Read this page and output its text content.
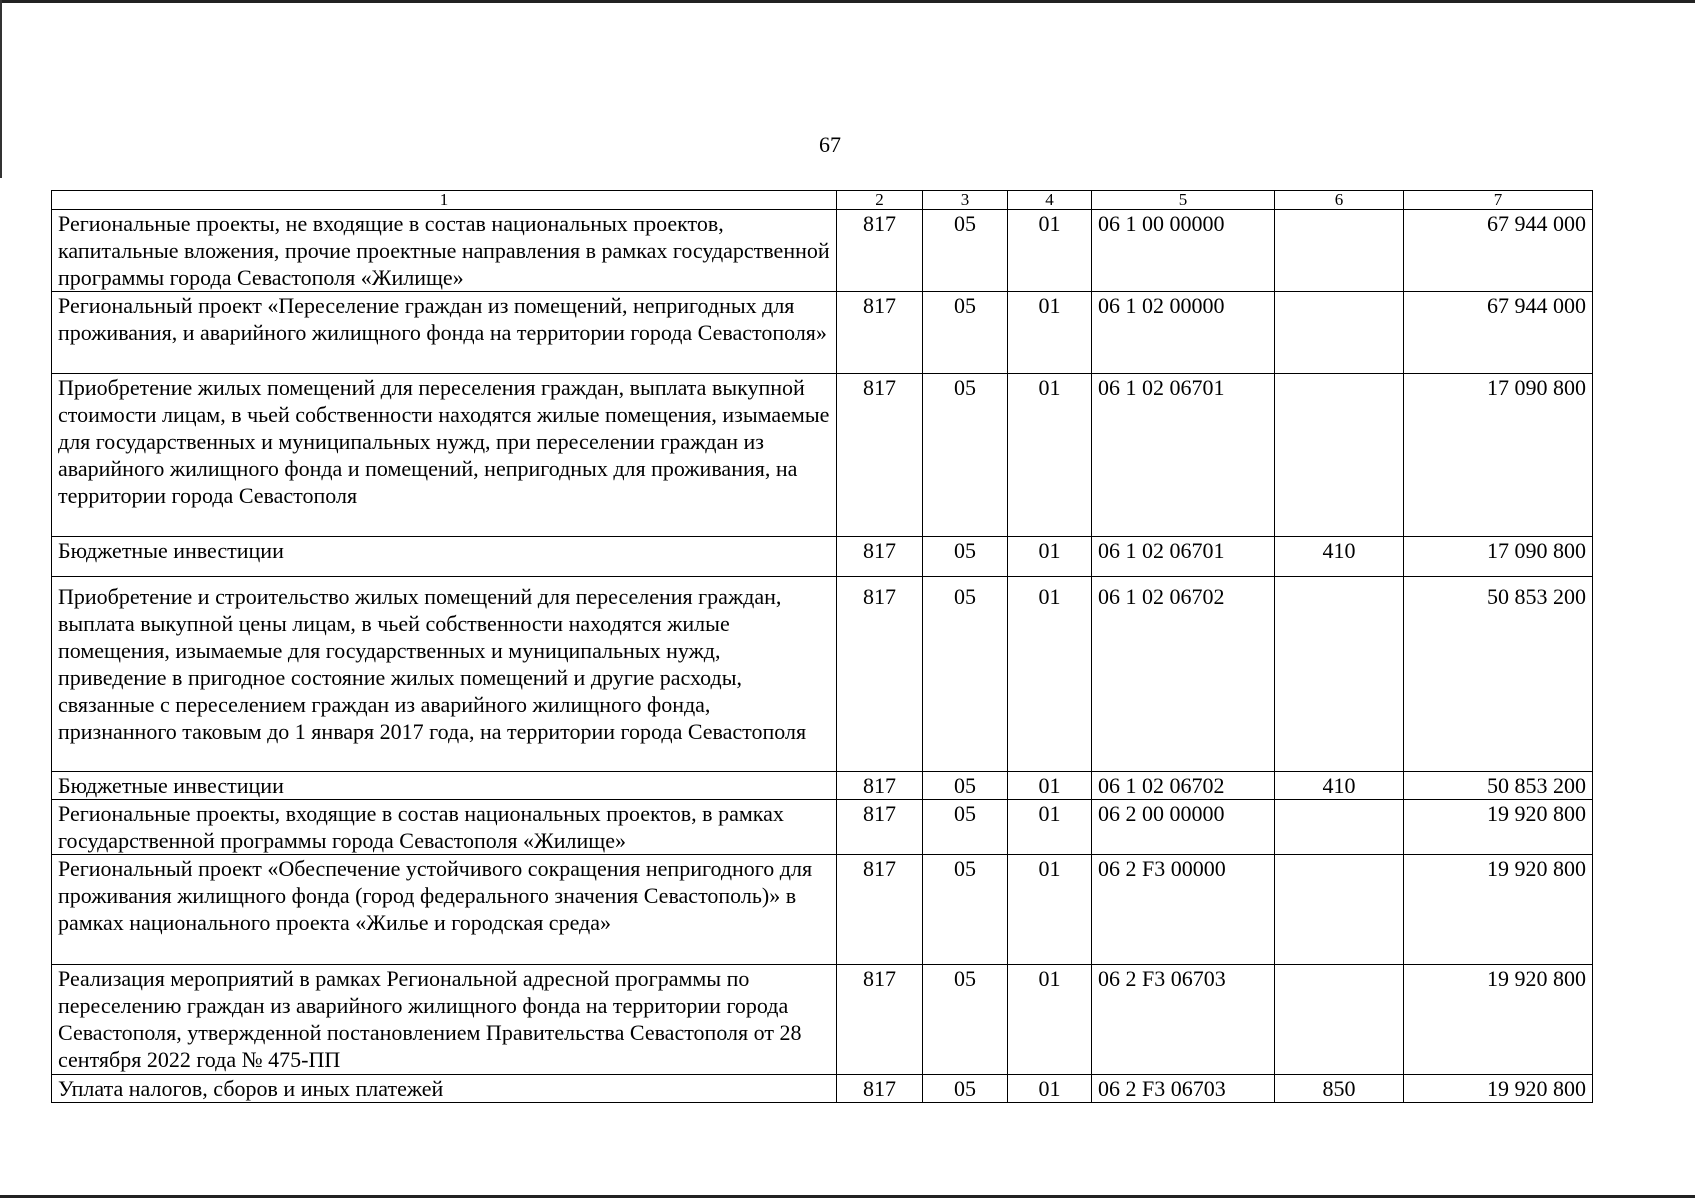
67
1	2	3	4	5	6	7
Региональные проекты, не входящие в состав национальных проектов, капитальные вложения, прочие проектные направления в рамках государственной программы города Севастополя «Жилище»	817	05	01	06 1 00 00000		67 944 000
Региональный проект «Переселение граждан из помещений, непригодных для проживания, и аварийного жилищного фонда на территории города Севастополя»	817	05	01	06 1 02 00000		67 944 000
Приобретение жилых помещений для переселения граждан, выплата выкупной стоимости лицам, в чьей собственности находятся жилые помещения, изымаемые для государственных и муниципальных нужд, при переселении граждан из аварийного жилищного фонда и помещений, непригодных для проживания, на территории города Севастополя	817	05	01	06 1 02 06701		17 090 800
Бюджетные инвестиции	817	05	01	06 1 02 06701	410	17 090 800
Приобретение и строительство жилых помещений для переселения граждан, выплата выкупной цены лицам, в чьей собственности находятся жилые помещения, изымаемые для государственных и муниципальных нужд, приведение в пригодное состояние жилых помещений и другие расходы, связанные с переселением граждан из аварийного жилищного фонда, признанного таковым до 1 января 2017 года, на территории города Севастополя	817	05	01	06 1 02 06702		50 853 200
Бюджетные инвестиции	817	05	01	06 1 02 06702	410	50 853 200
Региональные проекты, входящие в состав национальных проектов, в рамках государственной программы города Севастополя «Жилище»	817	05	01	06 2 00 00000		19 920 800
Региональный проект «Обеспечение устойчивого сокращения непригодного для проживания жилищного фонда (город федерального значения Севастополь)» в рамках национального проекта «Жилье и городская среда»	817	05	01	06 2 F3 00000		19 920 800
Реализация мероприятий в рамках Региональной адресной программы по переселению граждан из аварийного жилищного фонда на территории города Севастополя, утвержденной постановлением Правительства Севастополя от 28 сентября 2022 года № 475-ПП	817	05	01	06 2 F3 06703		19 920 800
Уплата налогов, сборов и иных платежей	817	05	01	06 2 F3 06703	850	19 920 800
